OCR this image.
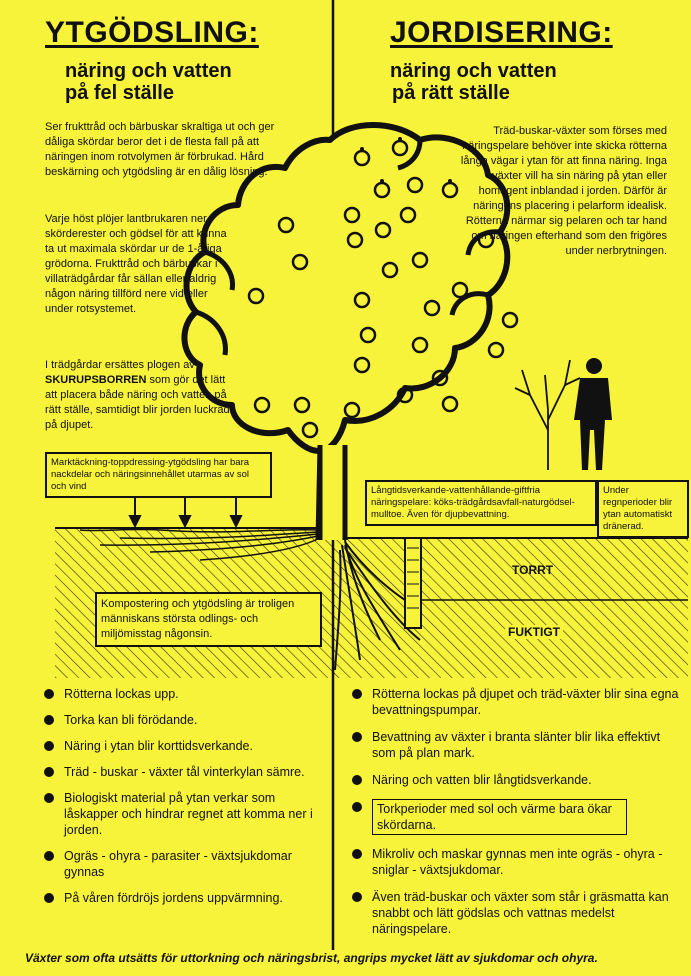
YTGÖDSLING:
näring och vatten
på fel ställe

Ser frukttråd och bärbuskar skraltiga ut och ger dåliga skördar beror det i de flesta fall på att näringen inom rotvolymen är förbrukad. Hård beskärning och ytgödsling är en dålig lösning.

Varje höst plöjer lantbrukaren ner skörderester och gödsel för att kunna ta ut maximala skördar ur de 1-åriga grödorna. Frukttråd och bärbuskar i villaträdgårdar får sällan eller aldrig någon näring tillförd nere vid eller under rotsystemet.

I trädgårdar ersättes plogen av SKURUPSBORREN som gör det lätt att placera både näring och vatten på rätt ställe, samtidigt blir jorden luckrad på djupet.

Marktäckning-toppdressing-ytgödsling har bara nackdelar och näringsinnehållet utarmas av sol och vind
Kompostering och ytgödsling är troligen människans största odlings- och miljömisstag någonsin.
Rötterna lockas upp.
Torka kan bli förödande.
Näring i ytan blir korttidsverkande.
Träd - buskar - växter tål vinterkylan sämre.
Biologiskt material på ytan verkar som låskapper och hindrar regnet att komma ner i jorden.
Ogräs - ohyra - parasiter - växtsjukdomar gynnas
På våren fördröjs jordens uppvärmning.
JORDISERING:
näring och vatten
på rätt ställe

Träd-buskar-växter som förses med näringspelare behöver inte skicka rötterna långa vägar i ytan för att finna näring. Inga växter vill ha sin näring på ytan eller homogent inblandad i jorden. Därför är näringens placering i pelarform idealisk. Rötterna närmar sig pelaren och tar hand om näringen efterhand som den frigöres under nerbrytningen.

Långtidsverkande-vattenhållande-giftfria näringspelare: köks-trädgårdsavfall-naturgödsel-mulltoe. Även för djupbevattning.
Under regnperioder blir ytan automatiskt dränerad.
TORRT
FUKTIGT
Rötterna lockas på djupet och träd-växter blir sina egna bevattningspumpar.
Bevattning av växter i branta slänter blir lika effektivt som på plan mark.
Näring och vatten blir långtidsverkande.
Torkperioder med sol och värme bara ökar skördarna.
Mikroliv och maskar gynnas men inte ogräs - ohyra - sniglar - växtsjukdomar.
Även träd-buskar och växter som står i gräsmatta kan snabbt och lätt gödslas och vattnas medelst näringspelare.
Växter som ofta utsätts för uttorkning och näringsbrist, angrips mycket lätt av sjukdomar och ohyra.
